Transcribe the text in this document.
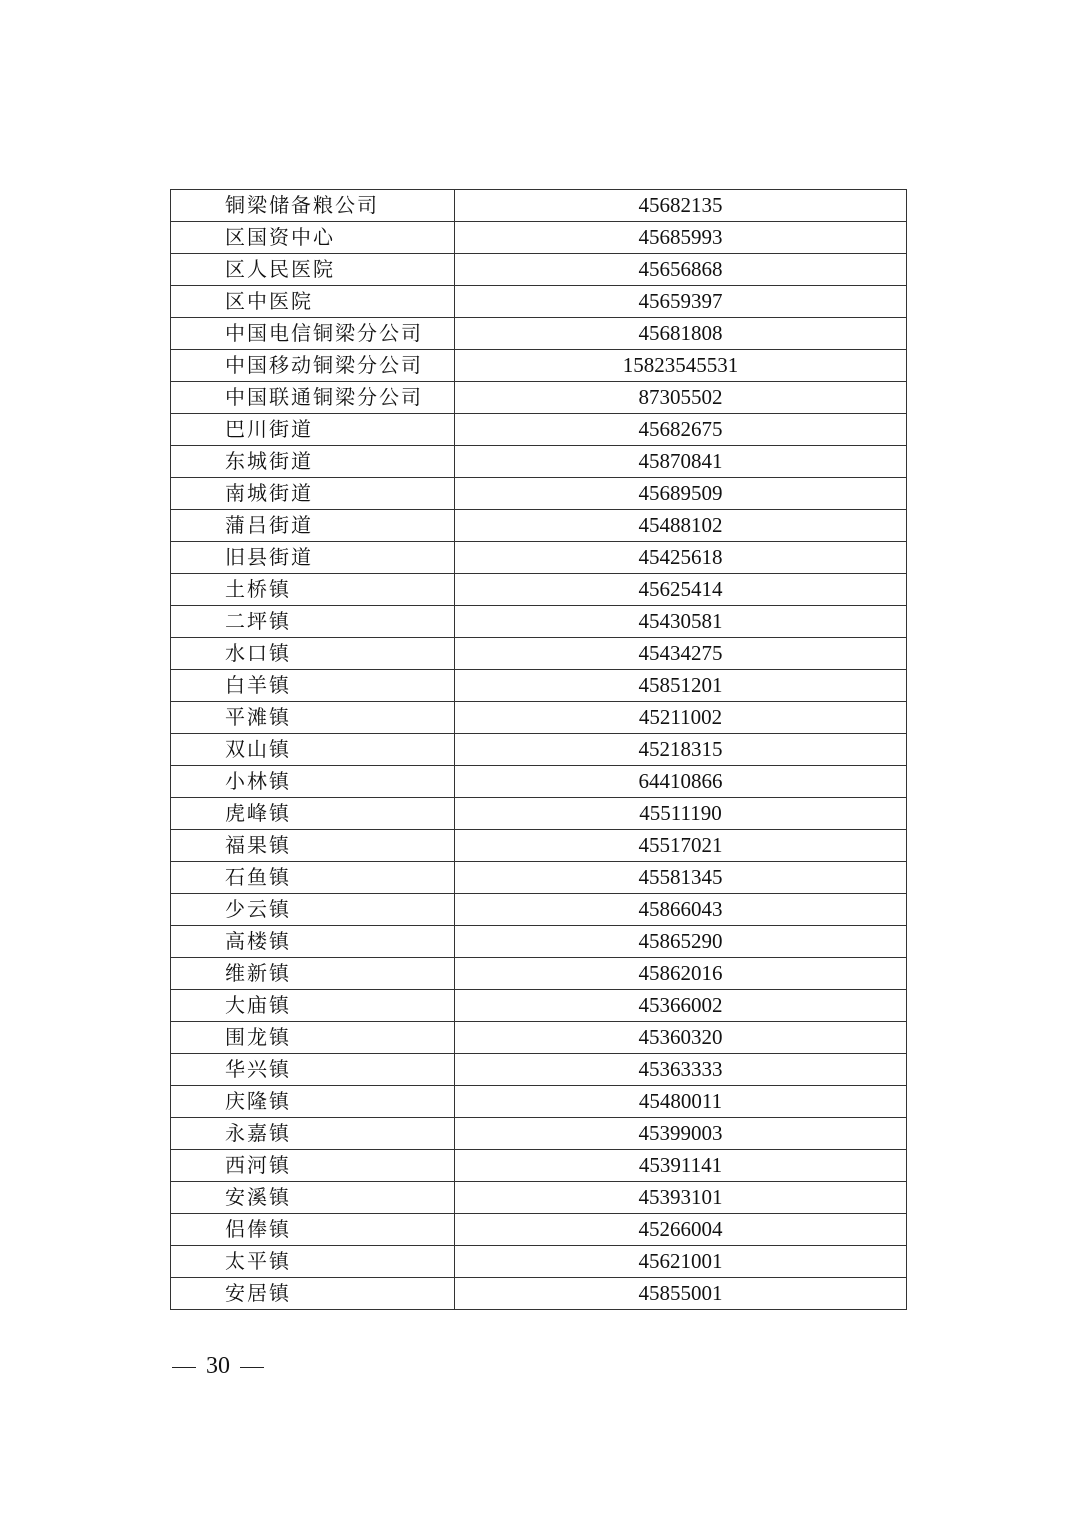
铜梁储备粮公司	45682135
区国资中心	45685993
区人民医院	45656868
区中医院	45659397
中国电信铜梁分公司	45681808
中国移动铜梁分公司	15823545531
中国联通铜梁分公司	87305502
巴川街道	45682675
东城街道	45870841
南城街道	45689509
蒲吕街道	45488102
旧县街道	45425618
土桥镇	45625414
二坪镇	45430581
水口镇	45434275
白羊镇	45851201
平滩镇	45211002
双山镇	45218315
小林镇	64410866
虎峰镇	45511190
福果镇	45517021
石鱼镇	45581345
少云镇	45866043
高楼镇	45865290
维新镇	45862016
大庙镇	45366002
围龙镇	45360320
华兴镇	45363333
庆隆镇	45480011
永嘉镇	45399003
西河镇	45391141
安溪镇	45393101
侣俸镇	45266004
太平镇	45621001
安居镇	45855001
30
